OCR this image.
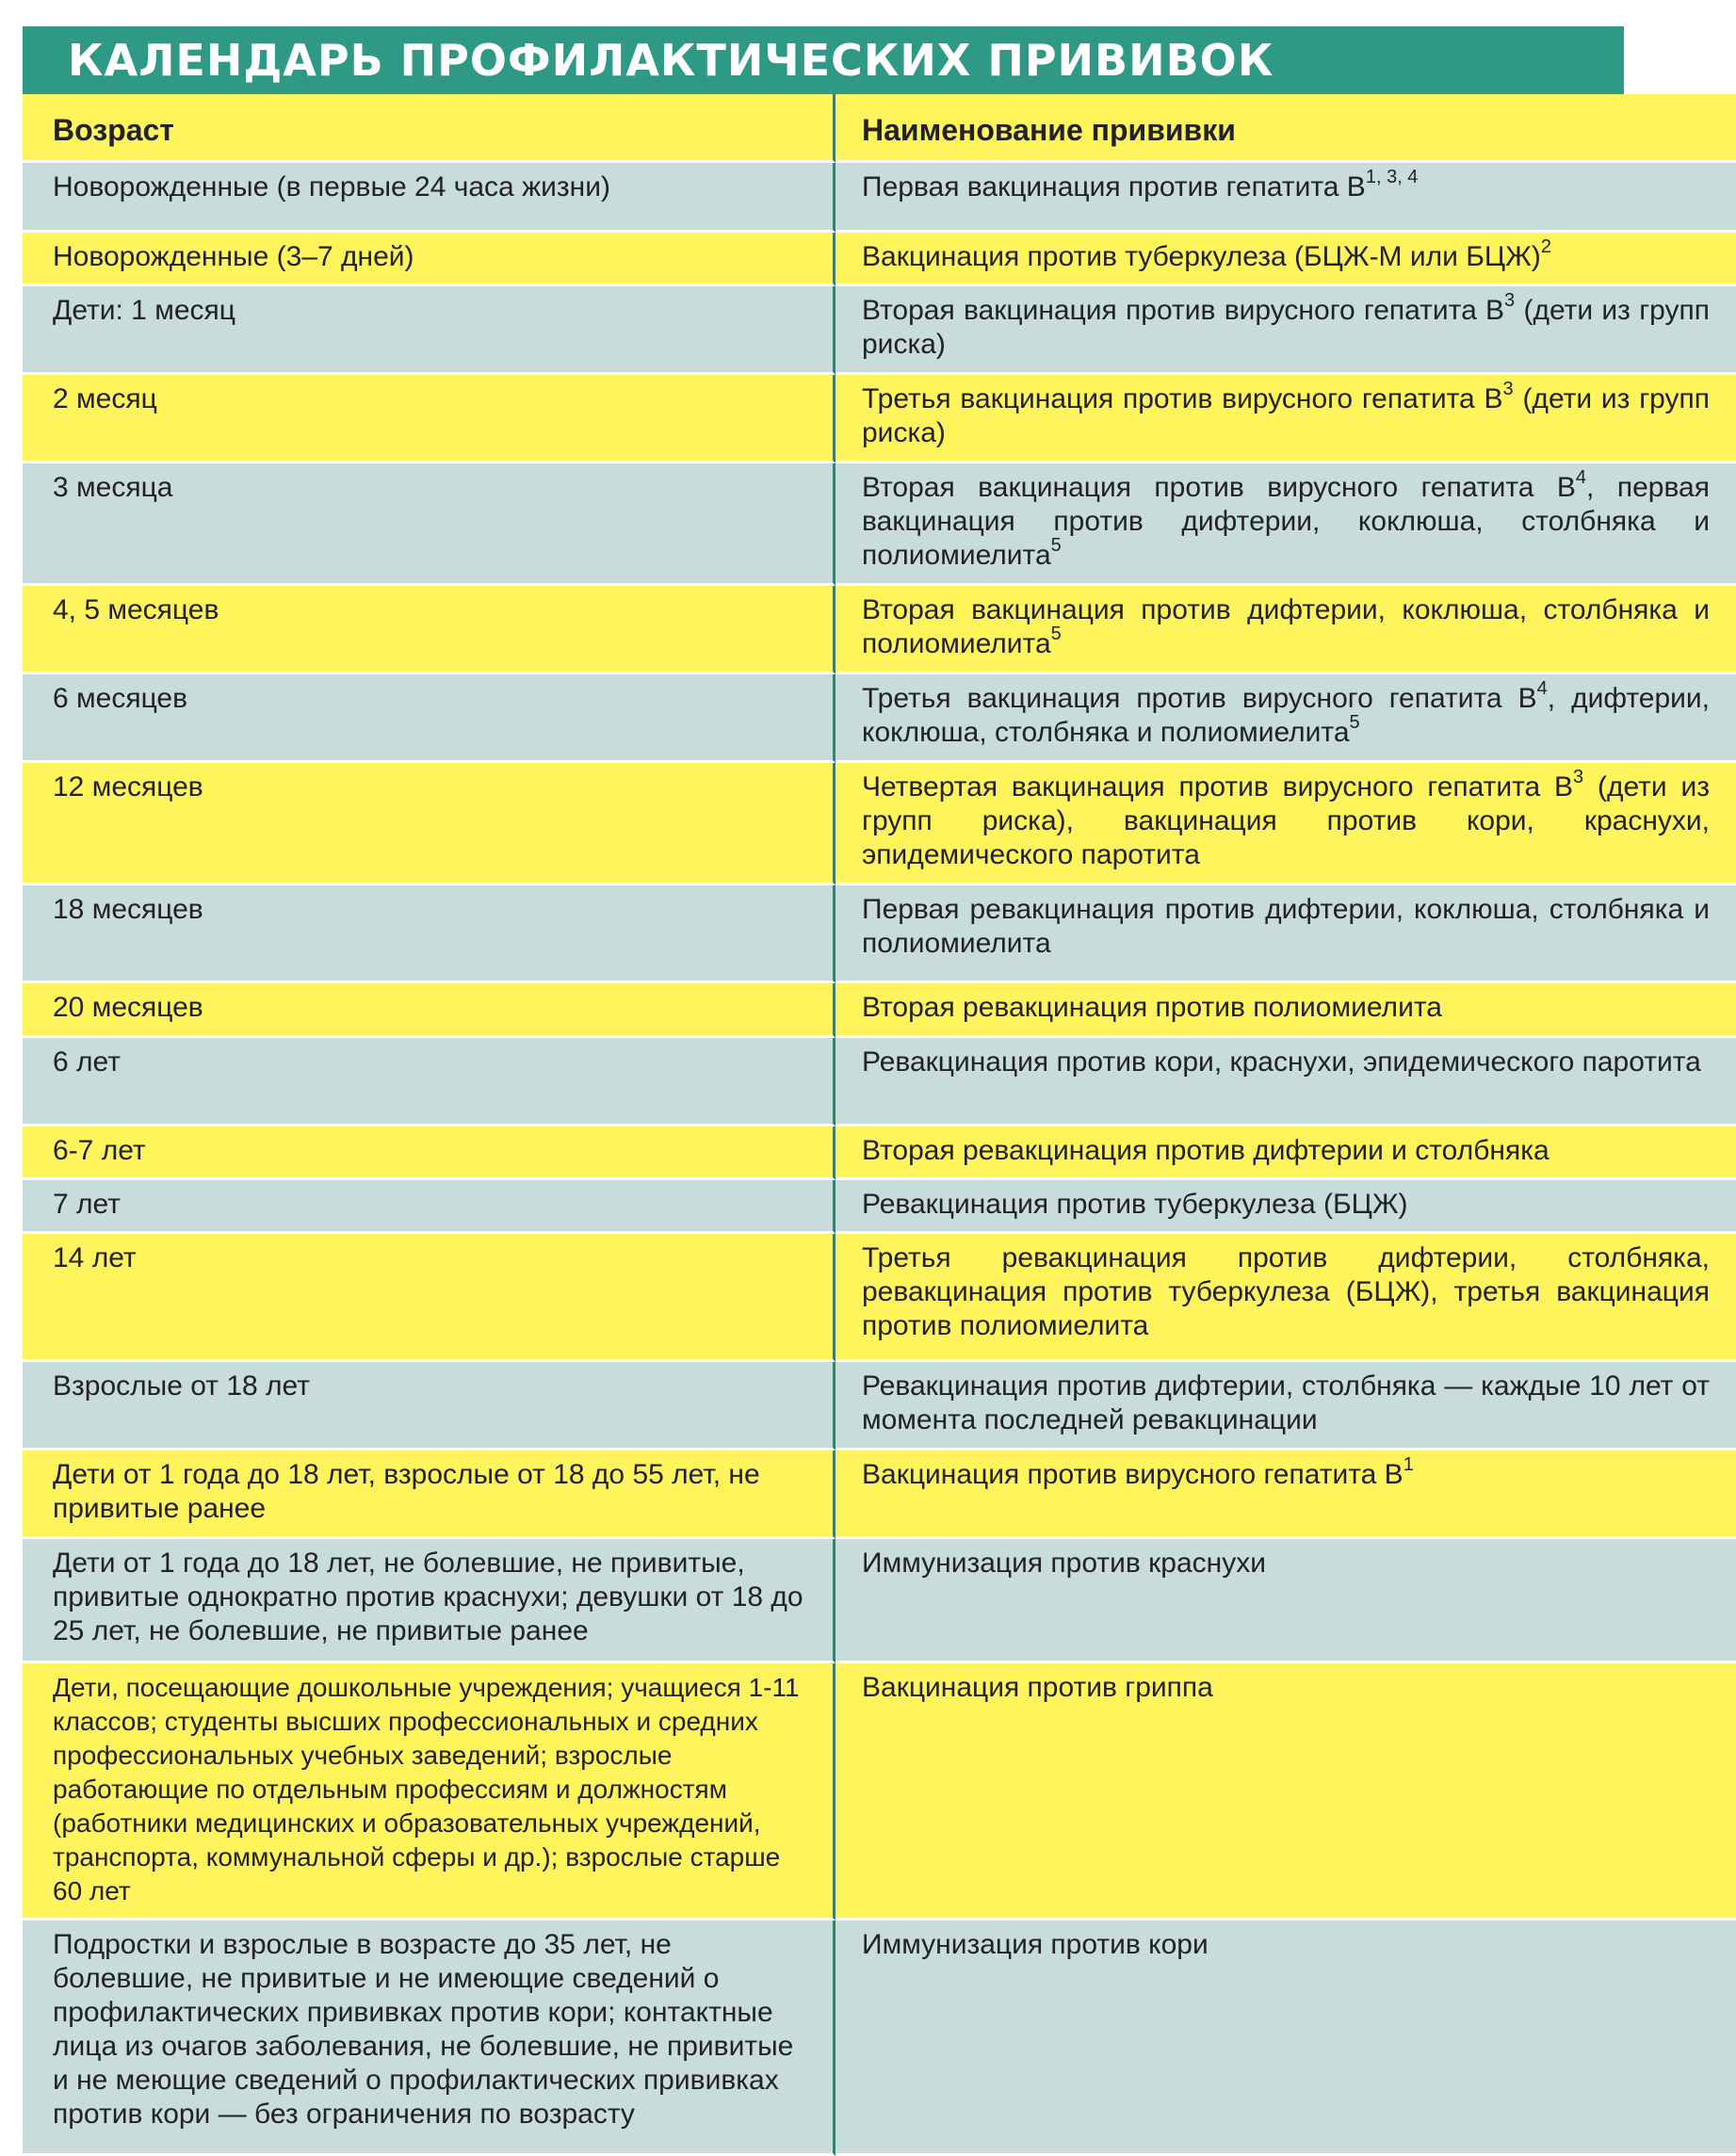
КАЛЕНДАРЬ ПРОФИЛАКТИЧЕСКИХ ПРИВИВОК
Возраст	Наименование прививки
Новорожденные (в первые 24 часа жизни)	Первая вакцинация против гепатита В$^{1, 3, 4}$
Новорожденные (3–7 дней)	Вакцинация против туберкулеза (БЦЖ-М или БЦЖ)$^2$
Дети: 1 месяц	Вторая вакцинация против вирусного гепатита $В^3$ (дети из групп риска)
2 месяц	Третья вакцинация против вирусного гепатита $В^3$ (дети из групп риска)
3 месяца	Вторая вакцинация против вирусного гепатита $В^4$, первая вакцинация против дифтерии, коклюша, столбняка и полиомиелита$^5$
4, 5 месяцев	Вторая вакцинация против дифтерии, коклюша, столбняка и полиомиелита$^5$
6 месяцев	Третья вакцинация против вирусного гепатита $В^4$, дифтерии, коклюша, столбняка и полиомиелита$^5$
12 месяцев	Четвертая вакцинация против вирусного гепатита $В^3$ (дети из групп риска), вакцинация против кори, краснухи, эпидемического паротита
18 месяцев	Первая ревакцинация против дифтерии, коклюша, столбняка и полиомиелита
20 месяцев	Вторая ревакцинация против полиомиелита
6 лет	Ревакцинация против кори, краснухи, эпидемического паротита
6-7 лет	Вторая ревакцинация против дифтерии и столбняка
7 лет	Ревакцинация против туберкулеза (БЦЖ)
14 лет	Третья ревакцинация против дифтерии, столбняка, ревакцинация против туберкулеза (БЦЖ), третья вакцинация против полиомиелита
Взрослые от 18 лет	Ревакцинация против дифтерии, столбняка — каждые 10 лет от момента последней ревакцинации
Дети от 1 года до 18 лет, взрослые от 18 до 55 лет, не привитые ранее	Вакцинация против вирусного гепатита $В^1$
Дети от 1 года до 18 лет, не болевшие, не привитые, привитые однократно против краснухи; девушки от 18 до 25 лет, не болевшие, не привитые ранее	Иммунизация против краснухи
Дети, посещающие дошкольные учреждения; учащиеся 1-11 классов; студенты высших профессиональных и средних профессиональных учебных заведений; взрослые работающие по отдельным профессиям и должностям (работники медицинских и образовательных учреждений, транспорта, коммунальной сферы и др.); взрослые старше 60 лет	Вакцинация против гриппа
Подростки и взрослые в возрасте до 35 лет, не болевшие, не привитые и не имеющие сведений о профилактических прививках против кори; контактные лица из очагов заболевания, не болевшие, не привитые и не меющие сведений о профилактических прививках против кори — без ограничения по возрасту	Иммунизация против кори
